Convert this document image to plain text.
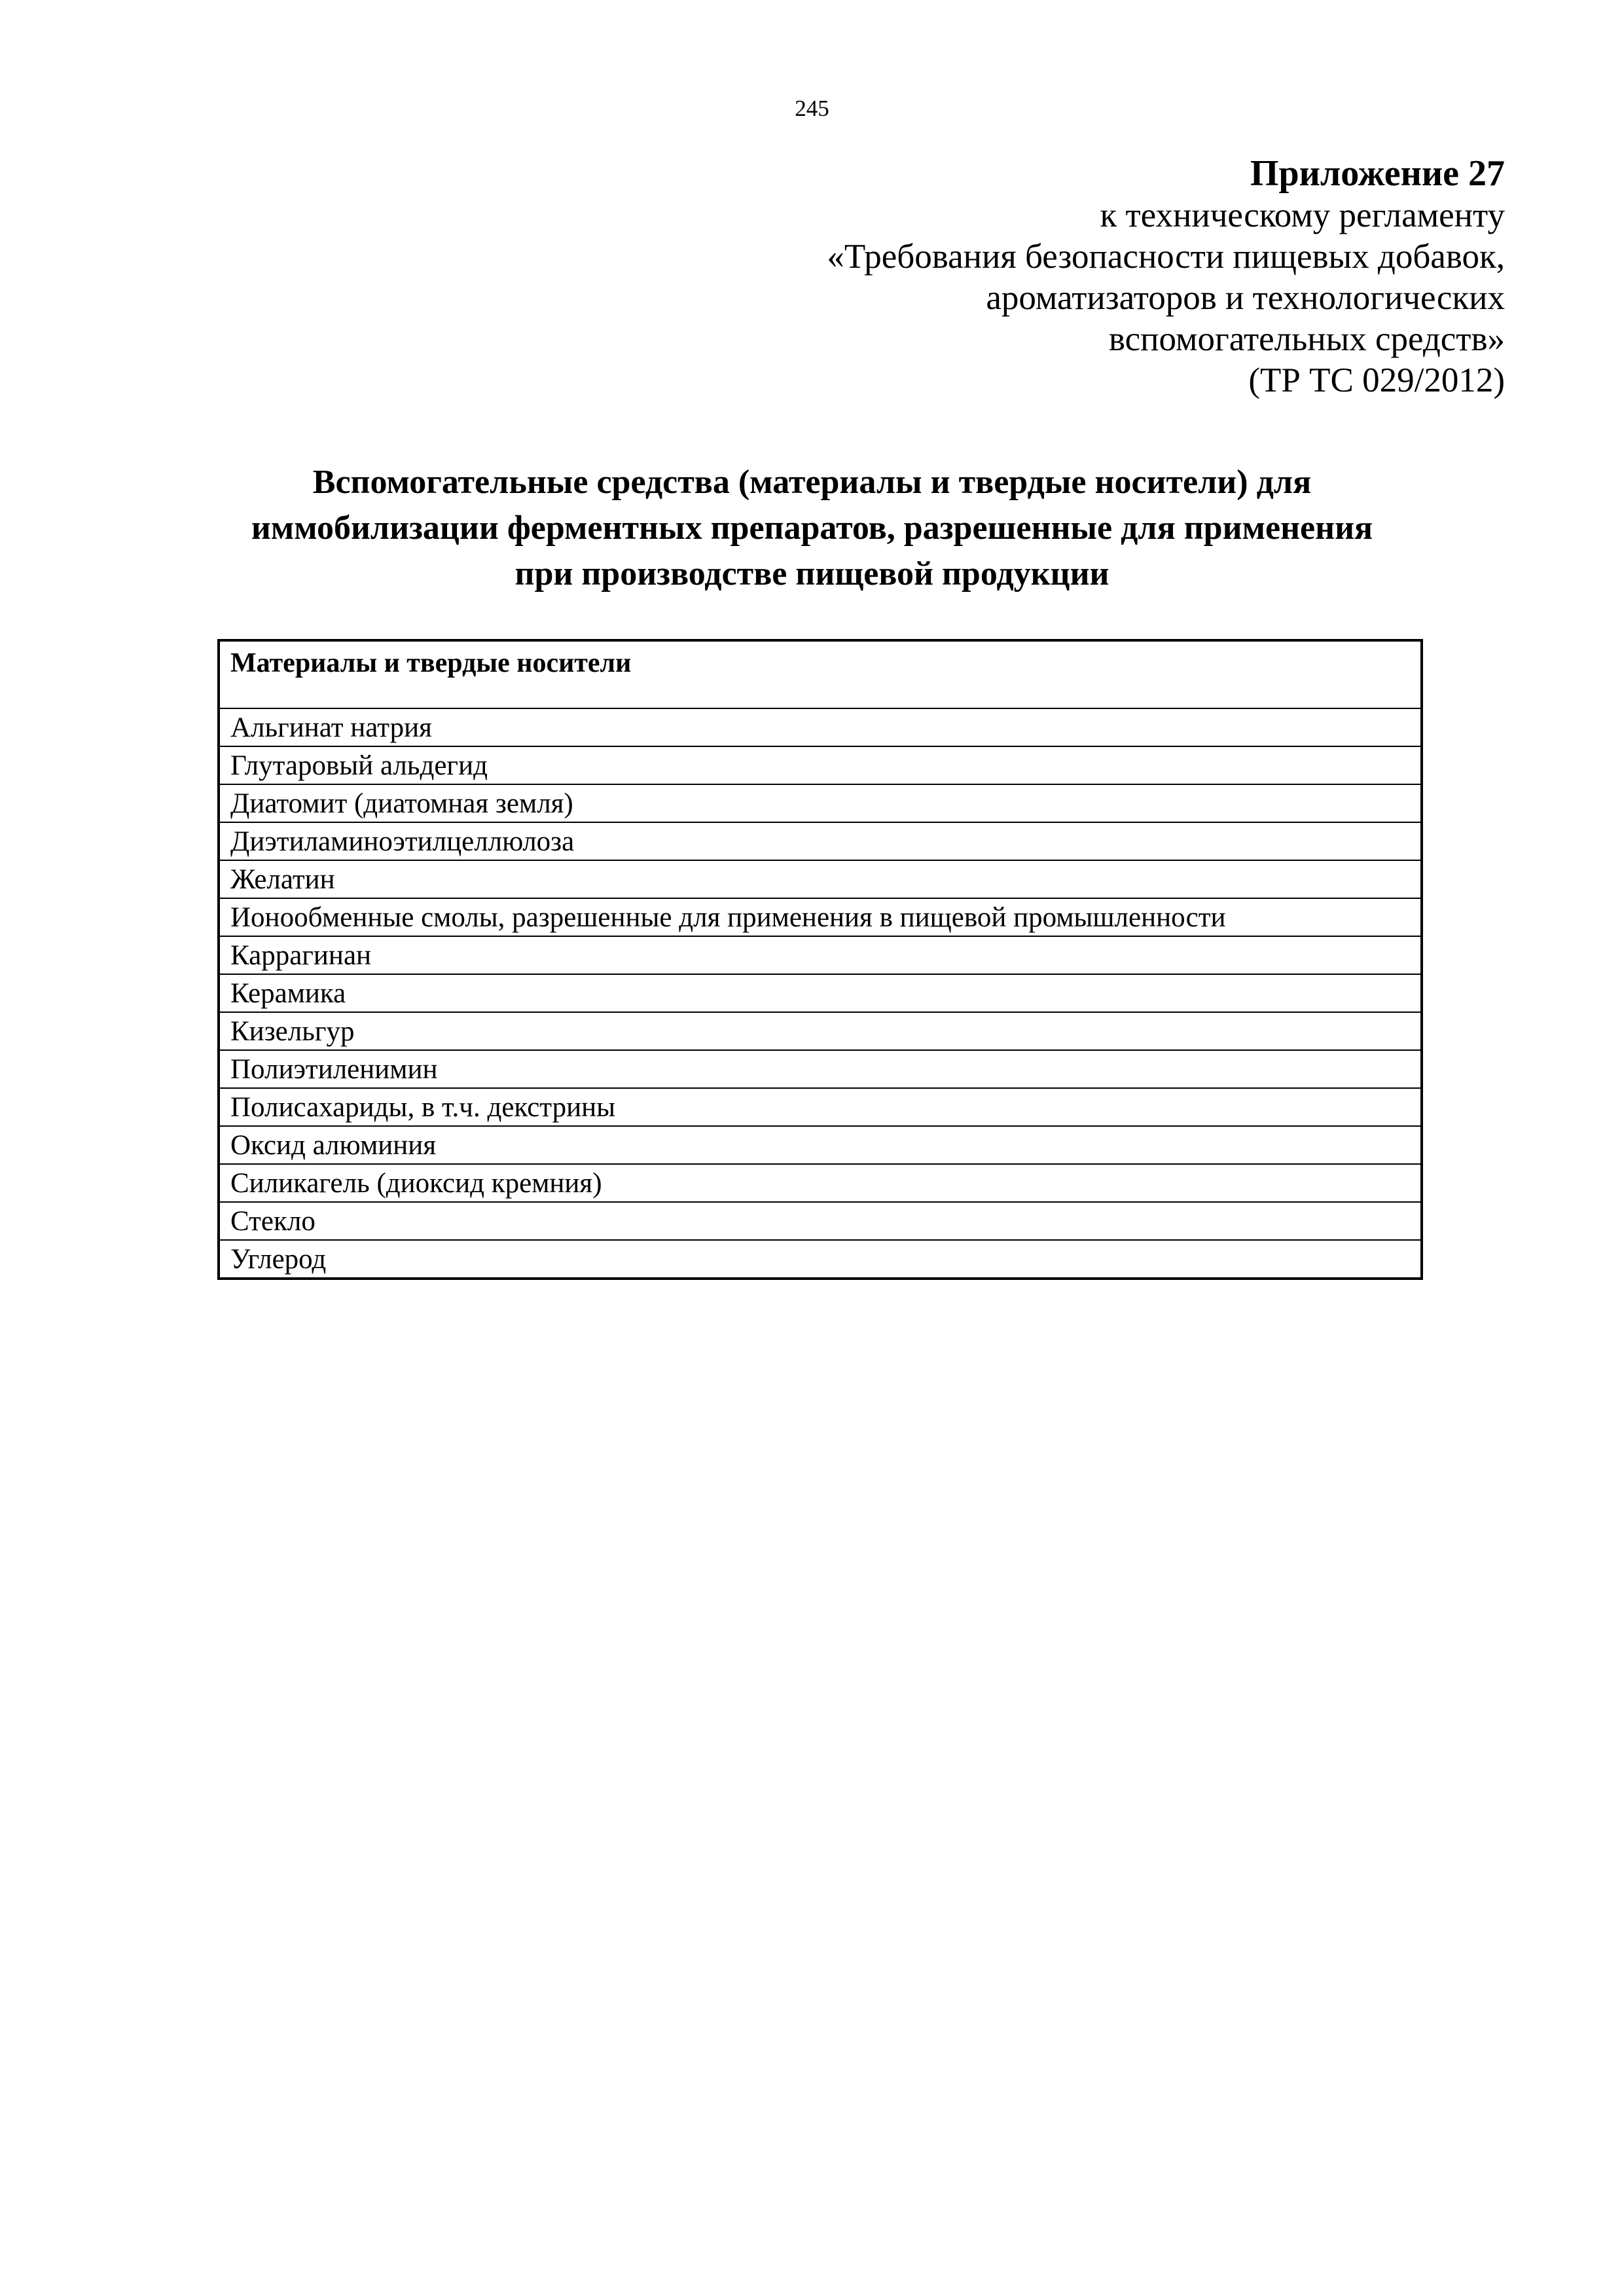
245
Приложение 27
к техническому регламенту
«Требования безопасности пищевых добавок,
ароматизаторов и технологических
вспомогательных средств»
(ТР ТС 029/2012)
Вспомогательные средства (материалы и твердые носители) для
иммобилизации ферментных препаратов, разрешенные для применения
при производстве пищевой продукции
Материалы и твердые носители
Альгинат натрия
Глутаровый альдегид
Диатомит (диатомная земля)
Диэтиламиноэтилцеллюлоза
Желатин
Ионообменные смолы, разрешенные для применения в пищевой промышленности
Каррагинан
Керамика
Кизельгур
Полиэтиленимин
Полисахариды, в т.ч. декстрины
Оксид алюминия
Силикагель (диоксид кремния)
Стекло
Углерод
